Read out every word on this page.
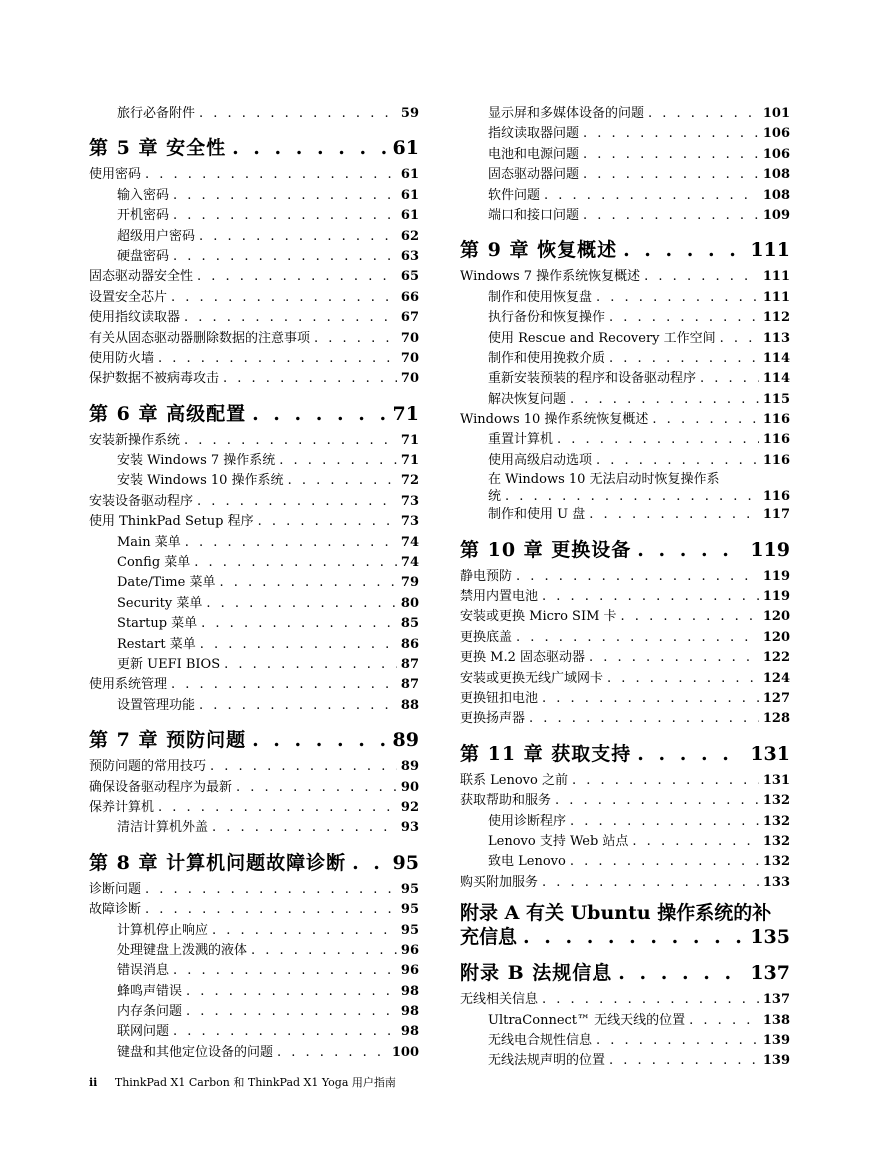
旅行必备附件 . . .	59
第 5 章 安全性 . . .	61
使用密码 . . .	61
输入密码 . . .	61
开机密码 . . .	61
超级用户密码 . . .	62
硬盘密码 . . .	63
固态驱动器安全性 . . .	65
设置安全芯片 . . .	66
使用指纹读取器 . . .	67
有关从固态驱动器删除数据的注意事项 . . .	70
使用防火墙 . . .	70
保护数据不被病毒攻击 . . .	70
第 6 章 高级配置 . . .	71
安装新操作系统 . . .	71
安装 Windows 7 操作系统 . . .	71
安装 Windows 10 操作系统 . . .	72
安装设备驱动程序 . . .	73
使用 ThinkPad Setup 程序 . . .	73
Main 菜单 . . .	74
Config 菜单 . . .	74
Date/Time 菜单 . . .	79
Security 菜单 . . .	80
Startup 菜单 . . .	85
Restart 菜单 . . .	86
更新 UEFI BIOS . . .	87
使用系统管理 . . .	87
设置管理功能 . . .	88
第 7 章 预防问题 . . .	89
预防问题的常用技巧 . . .	89
确保设备驱动程序为最新 . . .	90
保养计算机 . . .	92
清洁计算机外盖 . . .	93
第 8 章 计算机问题故障诊断 . . . 95
诊断问题 . . .	95
故障诊断 . . .	95
计算机停止响应 . . .	95
处理键盘上泼溅的液体 . . .	96
错误消息 . . .	96
蜂鸣声错误 . . .	98
内存条问题 . . .	98
联网问题 . . .	98
键盘和其他定位设备的问题 . . .	100
显示屏和多媒体设备的问题 . . .	101
指纹读取器问题 . . .	106
电池和电源问题 . . .	106
固态驱动器问题 . . .	108
软件问题 . . .	108
端口和接口问题 . . .	109
第 9 章 恢复概述 . . .	111
Windows 7 操作系统恢复概述 . . .	111
制作和使用恢复盘 . . .	111
执行备份和恢复操作 . . .	112
使用 Rescue and Recovery 工作空间 . . .	113
制作和使用挽救介质 . . .	114
重新安装预装的程序和设备驱动程序 . . .	114
解决恢复问题 . . .	115
Windows 10 操作系统恢复概述 . . .	116
重置计算机 . . .	116
使用高级启动选项 . . .	116
在 Windows 10 无法启动时恢复操作系
统 . . .	116
制作和使用 U 盘 . . .	117
第 10 章 更换设备 . . .	119
静电预防 . . .	119
禁用内置电池 . . .	119
安装或更换 Micro SIM 卡 . . .	120
更换底盖 . . .	120
更换 M.2 固态驱动器 . . .	122
安装或更换无线广域网卡 . . .	124
更换钮扣电池 . . .	127
更换扬声器 . . .	128
第 11 章 获取支持 . . .	131
联系 Lenovo 之前 . . .	131
获取帮助和服务 . . .	132
使用诊断程序 . . .	132
Lenovo 支持 Web 站点 . . .	132
致电 Lenovo . . .	132
购买附加服务 . . .	133
附录 A 有关 Ubuntu 操作系统的补
充信息 . . .	135
附录 B 法规信息 . . .	137
无线相关信息 . . .	137
UltraConnect™ 无线天线的位置 . . .	138
无线电合规性信息 . . .	139
无线法规声明的位置 . . .	139
ii ThinkPad X1 Carbon 和 ThinkPad X1 Yoga 用户指南
